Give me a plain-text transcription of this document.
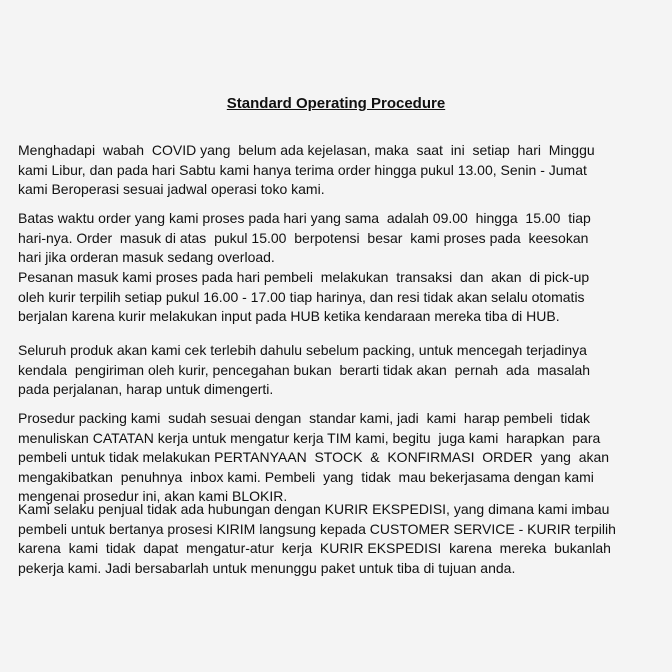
Standard Operating Procedure

Menghadapi  wabah  COVID yang  belum ada kejelasan, maka  saat  ini  setiap  hari  Minggu
kami Libur, dan pada hari Sabtu kami hanya terima order hingga pukul 13.00, Senin - Jumat
kami Beroperasi sesuai jadwal operasi toko kami.

Batas waktu order yang kami proses pada hari yang sama  adalah 09.00  hingga  15.00  tiap
hari-nya. Order  masuk di atas  pukul 15.00  berpotensi  besar  kami proses pada  keesokan
hari jika orderan masuk sedang overload.

Pesanan masuk kami proses pada hari pembeli  melakukan  transaksi  dan  akan  di pick-up
oleh kurir terpilih setiap pukul 16.00 - 17.00 tiap harinya, dan resi tidak akan selalu otomatis
berjalan karena kurir melakukan input pada HUB ketika kendaraan mereka tiba di HUB.

Seluruh produk akan kami cek terlebih dahulu sebelum packing, untuk mencegah terjadinya
kendala  pengiriman oleh kurir, pencegahan bukan  berarti tidak akan  pernah  ada  masalah
pada perjalanan, harap untuk dimengerti.

Prosedur packing kami  sudah sesuai dengan  standar kami, jadi  kami  harap pembeli  tidak
menuliskan CATATAN kerja untuk mengatur kerja TIM kami, begitu  juga kami  harapkan  para
pembeli untuk tidak melakukan PERTANYAAN  STOCK  &  KONFIRMASI  ORDER  yang  akan
mengakibatkan  penuhnya  inbox kami. Pembeli  yang  tidak  mau bekerjasama dengan kami
mengenai prosedur ini, akan kami BLOKIR.

Kami selaku penjual tidak ada hubungan dengan KURIR EKSPEDISI, yang dimana kami imbau
pembeli untuk bertanya prosesi KIRIM langsung kepada CUSTOMER SERVICE - KURIR terpilih
karena  kami  tidak  dapat  mengatur-atur  kerja  KURIR EKSPEDISI  karena  mereka  bukanlah
pekerja kami. Jadi bersabarlah untuk menunggu paket untuk tiba di tujuan anda.
